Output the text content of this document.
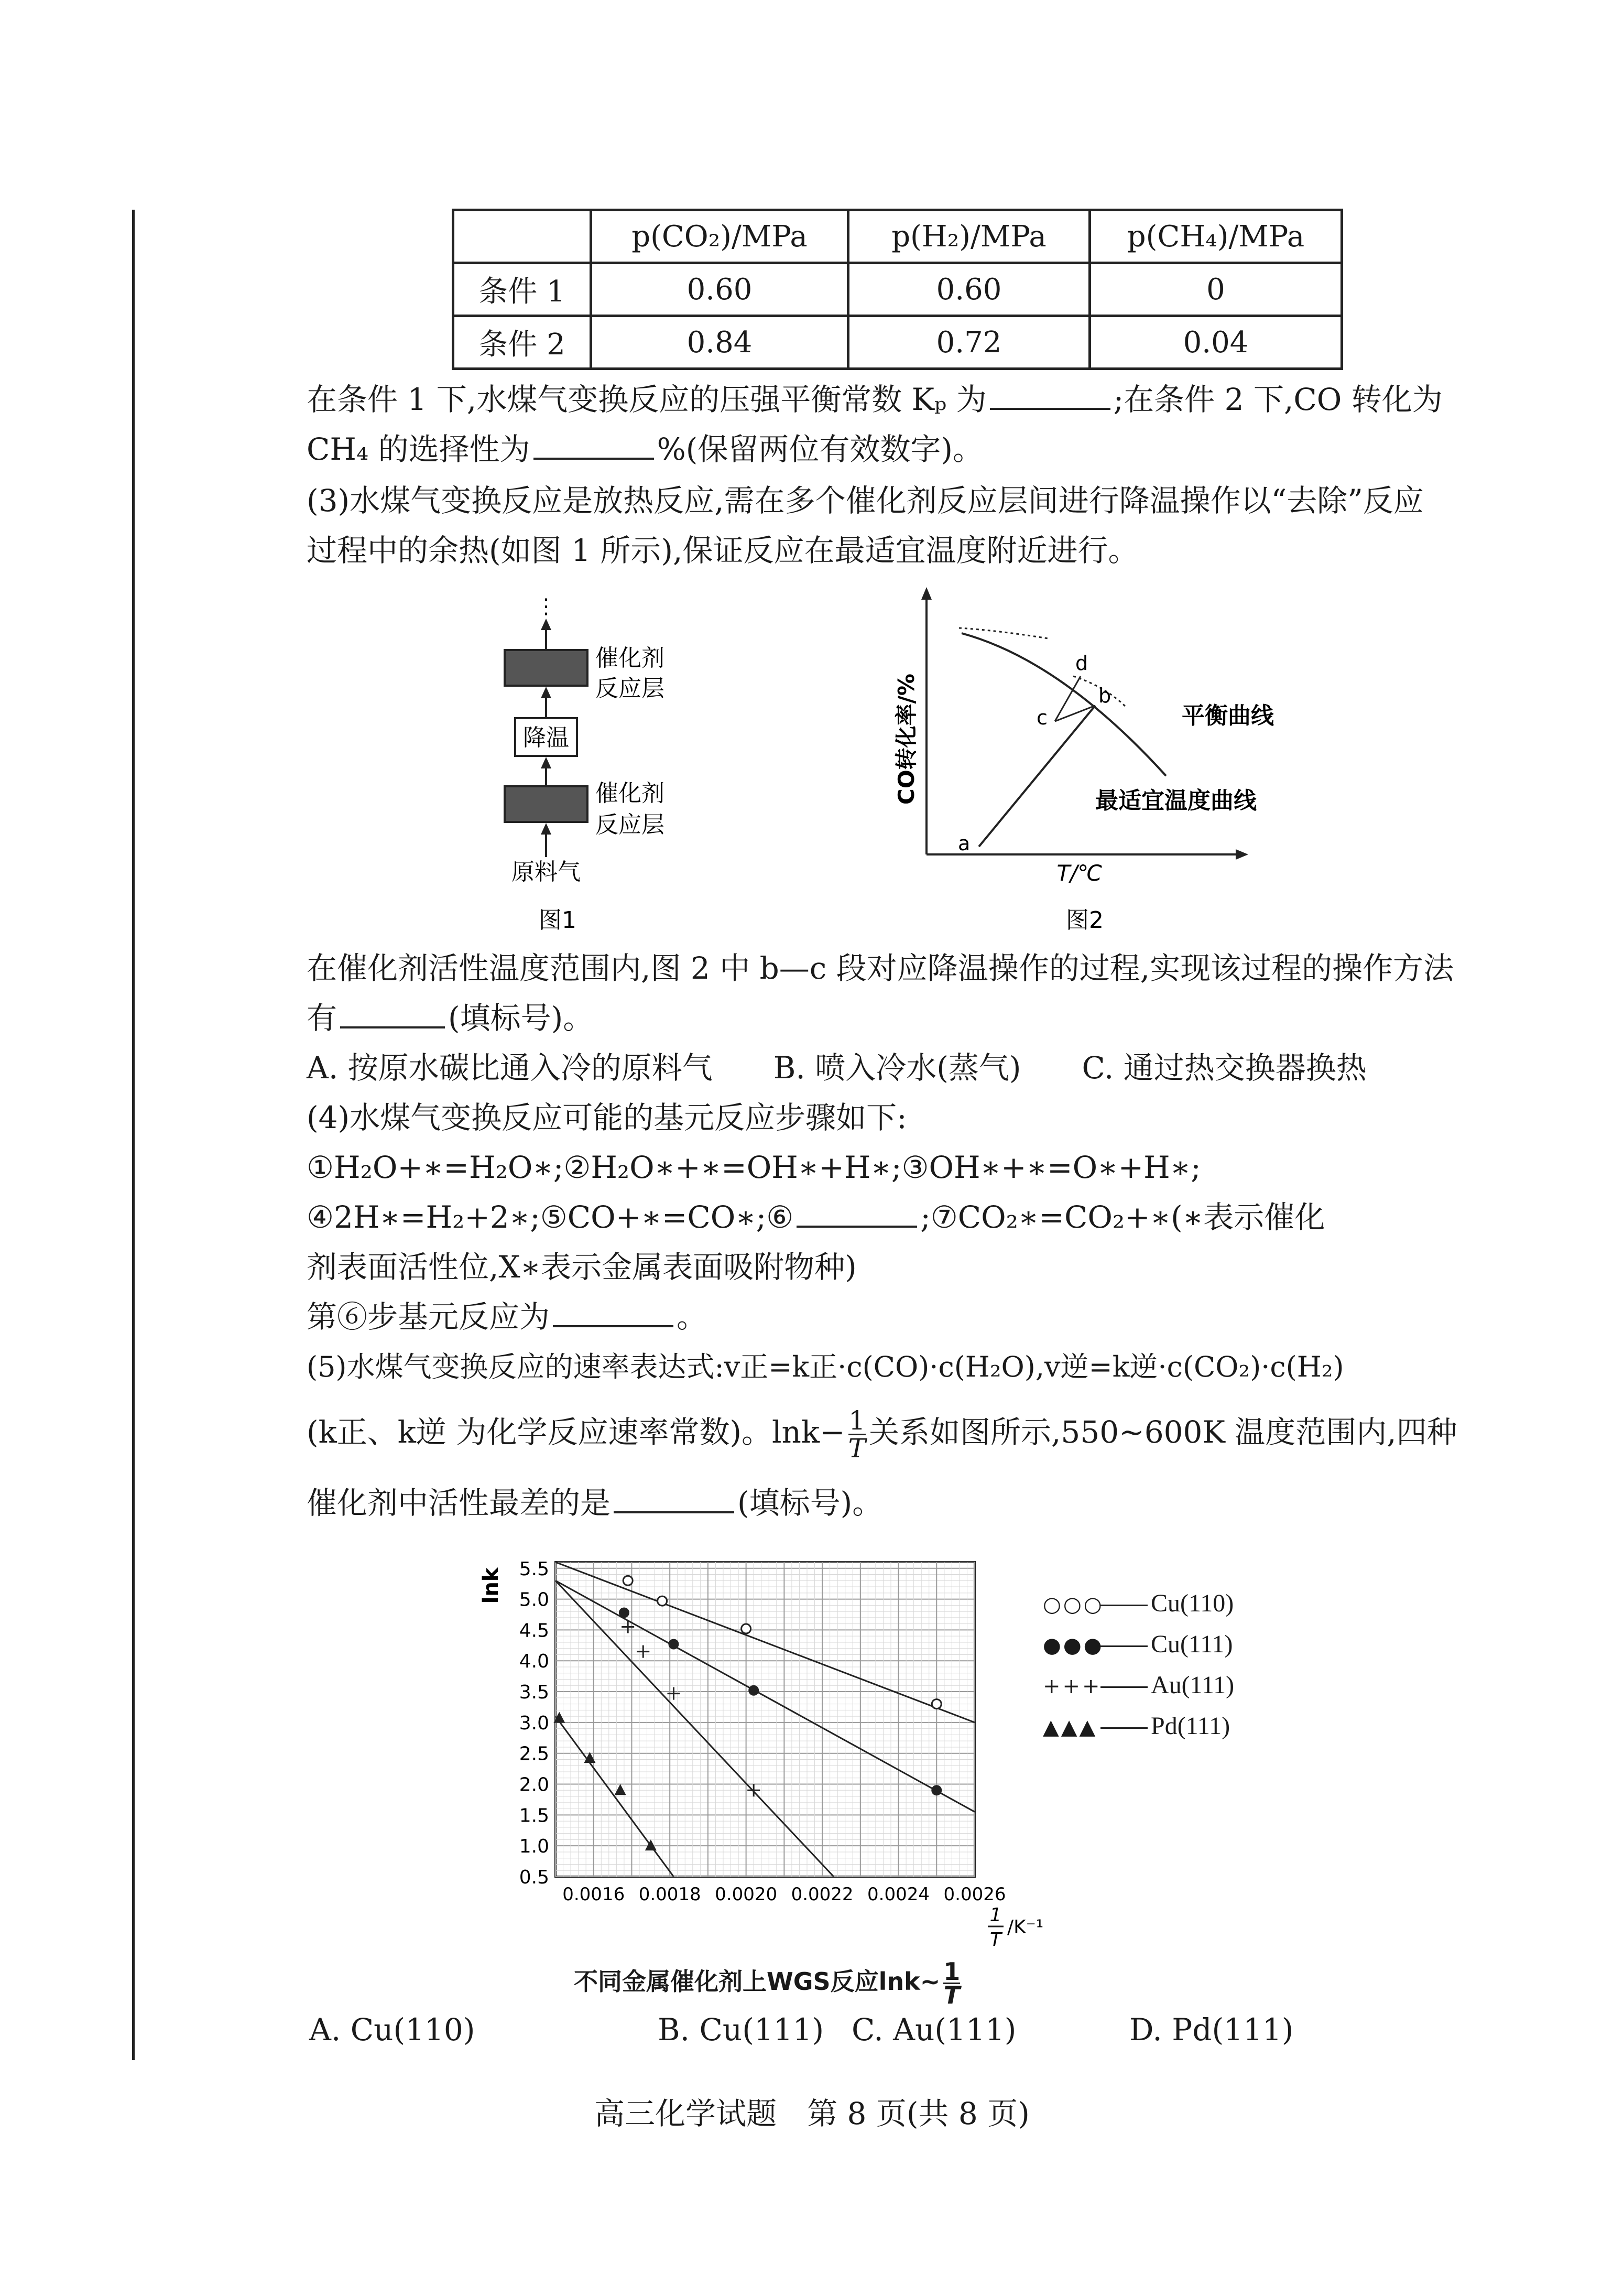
	p(CO₂)/MPa	p(H₂)/MPa	p(CH₄)/MPa
条件 1	0.60	0.60	0
条件 2	0.84	0.72	0.04
在条件 1 下,水煤气变换反应的压强平衡常数 Kₚ 为	;在条件 2 下,CO 转化为
CH₄ 的选择性为	%(保留两位有效数字)。
(3)水煤气变换反应是放热反应,需在多个催化剂反应层间进行降温操作以“去除”反应
过程中的余热(如图 1 所示),保证反应在最适宜温度附近进行。
⋮
催化剂
反应层
降温
催化剂
反应层
原料气
图1
CO转化率/%
T/℃
a
b
c
d
平衡曲线
最适宜温度曲线
图2
在催化剂活性温度范围内,图 2 中 b—c 段对应降温操作的过程,实现该过程的操作方法
有	(填标号)。
A. 按原水碳比通入冷的原料气　　B. 喷入冷水(蒸气)　　C. 通过热交换器换热
(4)水煤气变换反应可能的基元反应步骤如下:
①H₂O+∗=H₂O∗;②H₂O∗+∗=OH∗+H∗;③OH∗+∗=O∗+H∗;
④2H∗=H₂+2∗;⑤CO+∗=CO∗;⑥	;⑦CO₂∗=CO₂+∗(∗表示催化
剂表面活性位,X∗表示金属表面吸附物种)
第⑥步基元反应为	。
(5)水煤气变换反应的速率表达式:v正=k正·c(CO)·c(H₂O),v逆=k逆·c(CO₂)·c(H₂)
(k正、k逆 为化学反应速率常数)。$\ln k- \frac{1}{T}$ 关系如图所示,550~600K 温度范围内,四种
催化剂中活性最差的是	(填标号)。
5.5
5.0
4.5
4.0
3.5
3.0
2.5
2.0
1.5
1.0
0.5
0.0016 0.0018 0.0020 0.0022 0.0024 0.0026
lnk
1
T
/K⁻¹
○○○ Cu(110)
●●● Cu(111)
+++ Au(111)
▲▲▲ Pd(111)
不同金属催化剂上WGS反应lnk~ $\frac{1}{T}$
A. Cu(110)	B. Cu(111) C. Au(111)	D. Pd(111)
高三化学试题　第 8 页(共 8 页)
